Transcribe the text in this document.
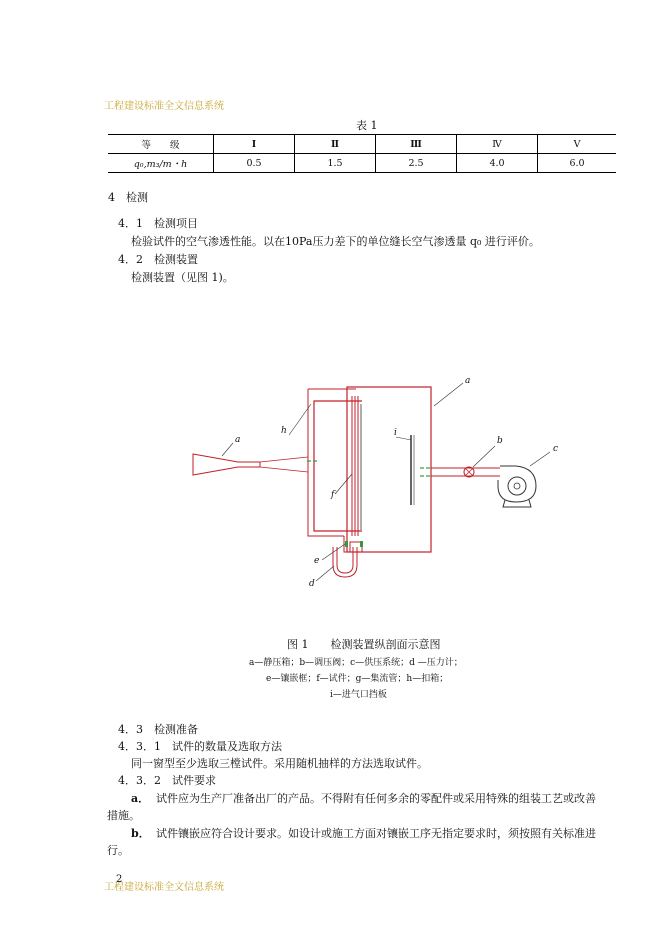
工程建设标准全文信息系统
表 1
等　　级	Ⅰ	Ⅱ	Ⅲ	Ⅳ	Ⅴ
q₀,m₃/m・h	0.5	1.5	2.5	4.0	6.0
4　检测
4．1　检测项目
检验试件的空气渗透性能。以在10Pa压力差下的单位缝长空气渗透量 q₀ 进行评价。
4．2　检测装置
检测装置（见图 1)。
a
h
a
i
b
c
f
e
d
图 1　　检测装置纵剖面示意图
a—静压箱；b—调压阀；c—供压系统；d —压力计；
e—镶嵌框；f—试件；g—集流管；h—扣箱；
i—进气口挡板
4．3　检测准备
4．3．1　试件的数量及选取方法
同一窗型至少选取三樘试件。采用随机抽样的方法选取试件。
4．3．2　试件要求
a． 试件应为生产厂准备出厂的产品。不得附有任何多余的零配件或采用特殊的组装工艺或改善
措施。
b． 试件镶嵌应符合设计要求。如设计或施工方面对镶嵌工序无指定要求时，须按照有关标准进
行。
工程建设标准全文信息系统
2
